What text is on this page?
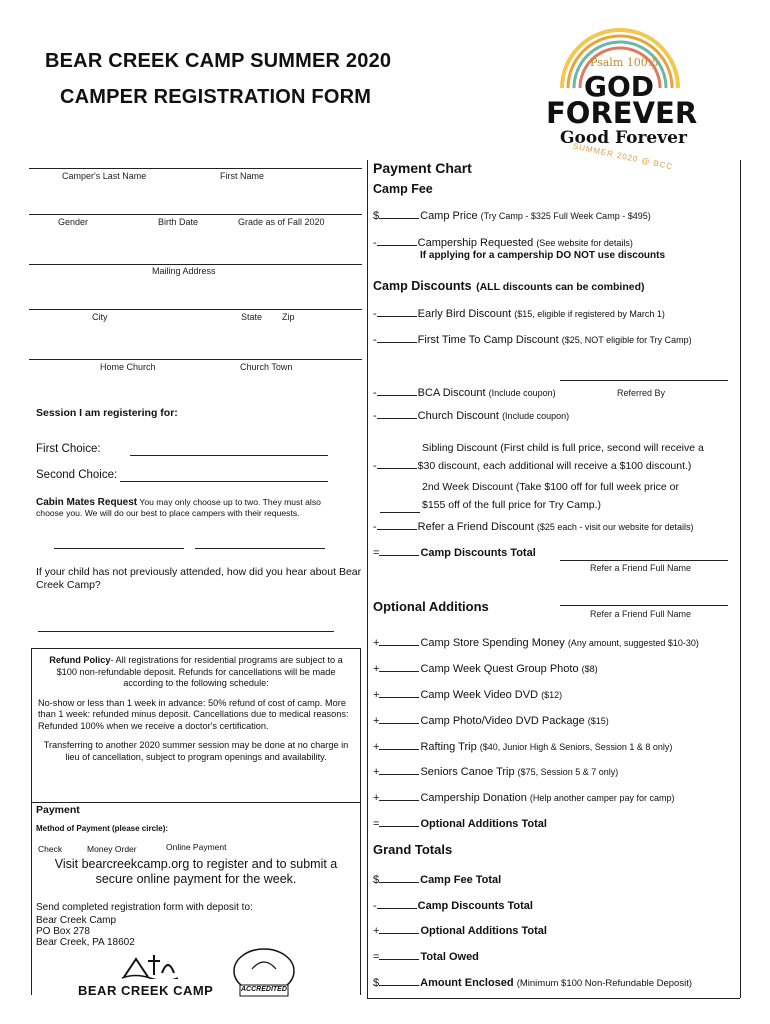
BEAR CREEK CAMP SUMMER 2020
CAMPER REGISTRATION FORM
Psalm 100:5
GOD
FOREVER
Good Forever
SUMMER 2020 @ BCC
Camper's Last Name	First Name
Gender	Birth Date	Grade as of Fall 2020
Mailing Address
City	State Zip
Home Church	Church Town
Session I am registering for:
First Choice:
Second Choice:
Cabin Mates Request You may only choose up to two. They must also choose you. We will do our best to place campers with their requests.
If your child has not previously attended, how did you hear about Bear Creek Camp?

Refund Policy- All registrations for residential programs are subject to a $100 non-refundable deposit. Refunds for cancellations will be made according to the following schedule:

No-show or less than 1 week in advance: 50% refund of cost of camp. More than 1 week: refunded minus deposit. Cancellations due to medical reasons: Refunded 100% when we receive a doctor's certification.

Transferring to another 2020 summer session may be done at no charge in lieu of cancellation, subject to program openings and availability.

Payment
Method of Payment (please circle):
Check	Money Order	Online Payment
Visit bearcreekcamp.org to register and to submit a secure online payment for the week.
Send completed registration form with deposit to:
Bear Creek Camp
PO Box 278
Bear Creek, PA 18602
BEAR CREEK CAMP	ACCREDITED
Payment Chart
Camp Fee
$	Camp Price (Try Camp - $325 Full Week Camp - $495)
-	Campership Requested (See website for details)
If applying for a campership DO NOT use discounts
Camp Discounts (ALL discounts can be combined)
-	Early Bird Discount ($15, eligible if registered by March 1)
-	First Time To Camp Discount ($25, NOT eligible for Try Camp)
-	BCA Discount (Include coupon)	Referred By
-	Church Discount (Include coupon)
Sibling Discount (First child is full price, second will receive a
-	$30 discount, each additional will receive a $100 discount.)
2nd Week Discount (Take $100 off for full week price or
$155 off of the full price for Try Camp.)
-	Refer a Friend Discount ($25 each - visit our website for details)
=	Camp Discounts Total
Refer a Friend Full Name
Optional Additions	Refer a Friend Full Name
+	Camp Store Spending Money (Any amount, suggested $10-30)
+	Camp Week Quest Group Photo ($8)
+	Camp Week Video DVD ($12)
+	Camp Photo/Video DVD Package ($15)
+	Rafting Trip ($40, Junior High & Seniors, Session 1 & 8 only)
+	Seniors Canoe Trip ($75, Session 5 & 7 only)
+	Campership Donation (Help another camper pay for camp)
=	Optional Additions Total
Grand Totals
$	Camp Fee Total
-	Camp Discounts Total
+	Optional Additions Total
=	Total Owed
$	Amount Enclosed (Minimum $100 Non-Refundable Deposit)
